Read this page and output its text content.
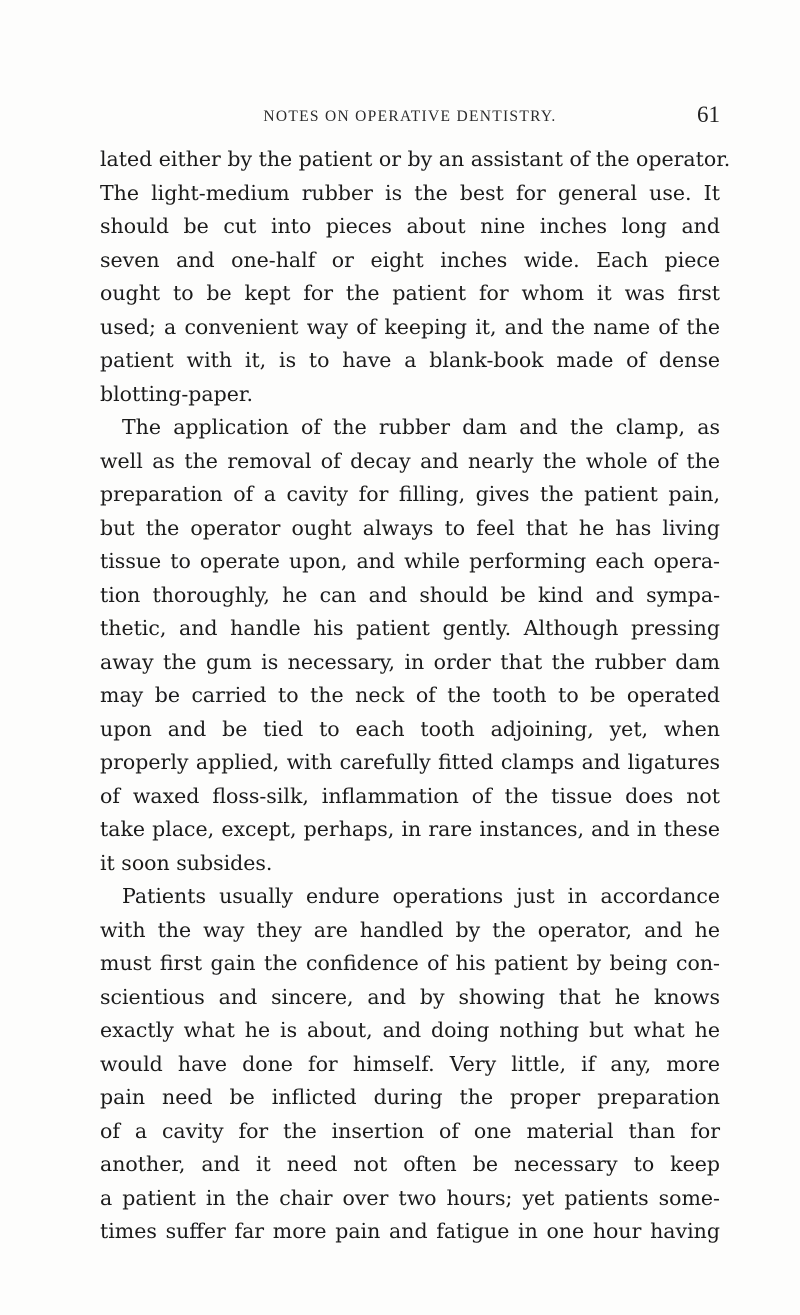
NOTES ON OPERATIVE DENTISTRY.	61
lated either by the patient or by an assistant of the operator.
The light-medium rubber is the best for general use. It
should be cut into pieces about nine inches long and
seven and one-half or eight inches wide. Each piece
ought to be kept for the patient for whom it was first
used; a convenient way of keeping it, and the name of the
patient with it, is to have a blank-book made of dense
blotting-paper.
The application of the rubber dam and the clamp, as
well as the removal of decay and nearly the whole of the
preparation of a cavity for filling, gives the patient pain,
but the operator ought always to feel that he has living
tissue to operate upon, and while performing each opera-
tion thoroughly, he can and should be kind and sympa-
thetic, and handle his patient gently. Although pressing
away the gum is necessary, in order that the rubber dam
may be carried to the neck of the tooth to be operated
upon and be tied to each tooth adjoining, yet, when
properly applied, with carefully fitted clamps and ligatures
of waxed floss-silk, inflammation of the tissue does not
take place, except, perhaps, in rare instances, and in these
it soon subsides.
Patients usually endure operations just in accordance
with the way they are handled by the operator, and he
must first gain the confidence of his patient by being con-
scientious and sincere, and by showing that he knows
exactly what he is about, and doing nothing but what he
would have done for himself. Very little, if any, more
pain need be inflicted during the proper preparation
of a cavity for the insertion of one material than for
another, and it need not often be necessary to keep
a patient in the chair over two hours; yet patients some-
times suffer far more pain and fatigue in one hour having
